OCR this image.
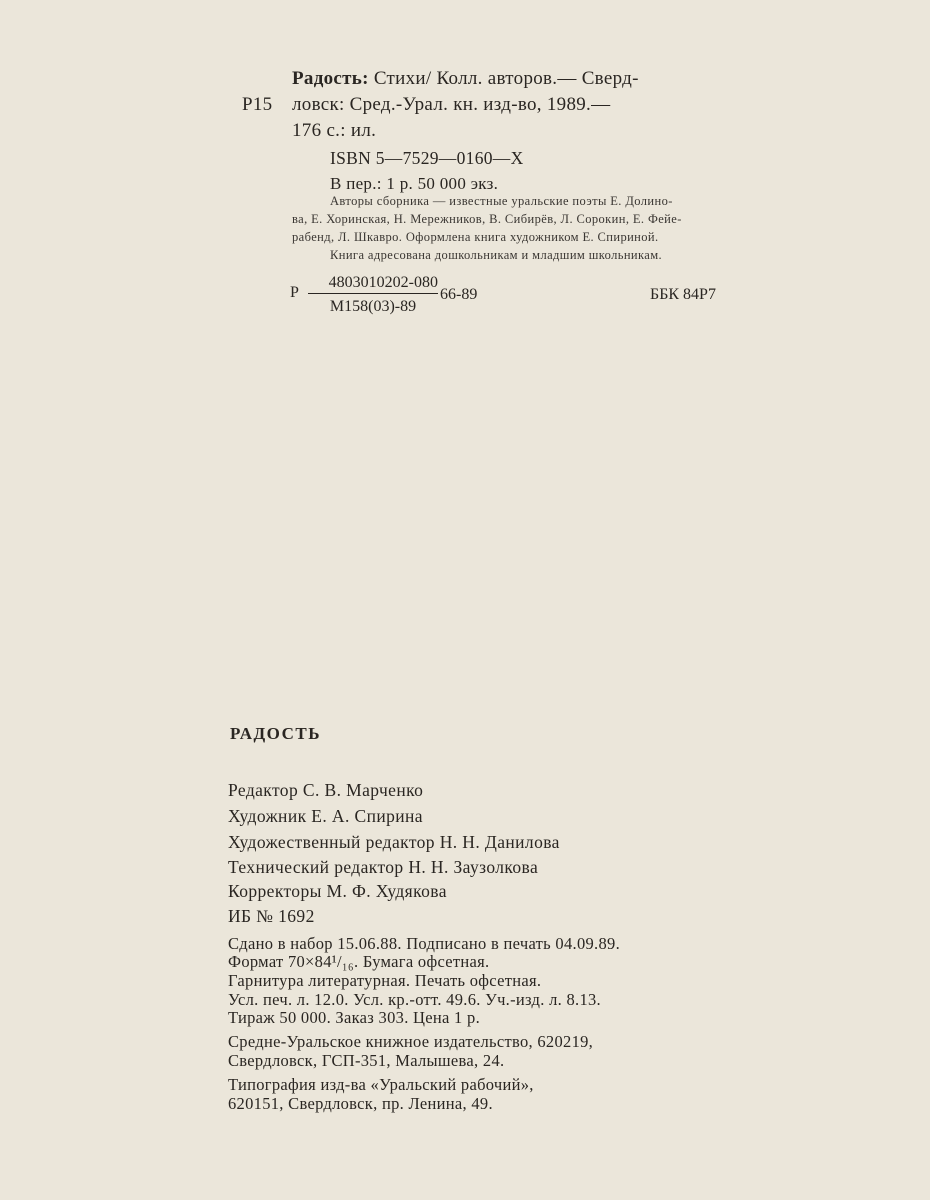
Радость: Стихи/ Колл. авторов.— Сверд-
Р15 ловск: Сред.-Урал. кн. изд-во, 1989.—
176 с.: ил.
ISBN 5—7529—0160—X
В пер.: 1 р. 50 000 экз.
Авторы сборника — известные уральские поэты Е. Долино-
ва, Е. Хоринская, Н. Мережников, В. Сибирёв, Л. Сорокин, Е. Фейе-
рабенд, Л. Шкавро. Оформлена книга художником Е. Спириной.
Книга адресована дошкольникам и младшим школьникам.
Р
4803010202-080
М158(03)-89
66-89	ББК 84Р7
РАДОСТЬ
Редактор С. В. Марченко
Художник Е. А. Спирина
Художественный редактор Н. Н. Данилова
Технический редактор Н. Н. Заузолкова
Корректоры М. Ф. Худякова
ИБ № 1692
Сдано в набор 15.06.88. Подписано в печать 04.09.89.
Формат 70×84¹/₁₆. Бумага офсетная.
Гарнитура литературная. Печать офсетная.
Усл. печ. л. 12.0. Усл. кр.-отт. 49.6. Уч.-изд. л. 8.13.
Тираж 50 000. Заказ 303. Цена 1 р.
Средне-Уральское книжное издательство, 620219,
Свердловск, ГСП-351, Малышева, 24.
Типография изд-ва «Уральский рабочий»,
620151, Свердловск, пр. Ленина, 49.
